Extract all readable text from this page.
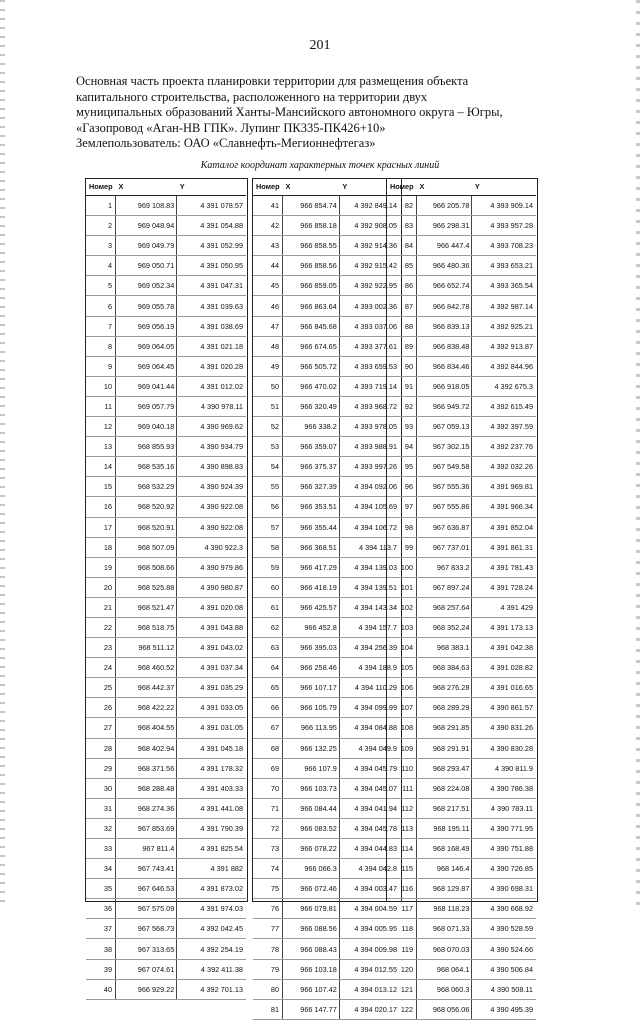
201
Основная часть проекта планировки территории для размещения объекта
капитального строительства, расположенного на территории двух
муниципальных образований Ханты-Мансийского автономного округа – Югры,
«Газопровод «Аган-НВ ГПК». Лупинг ПК335-ПК426+10»
Землепользователь: ОАО «Славнефть-Мегионнефтегаз»
Каталог координат характерных точек красных линий
Номер	X	Y
1	969 108.83	4 391 078.57
2	969 048.94	4 391 054.88
3	969 049.79	4 391 052.99
4	969 050.71	4 391 050.95
5	969 052.34	4 391 047.31
6	969 055.78	4 391 039.63
7	969 056.19	4 391 038.69
8	969 064.05	4 391 021.18
9	969 064.45	4 391 020.28
10	969 041.44	4 391 012.02
11	969 057.79	4 390 978.11
12	969 040.18	4 390 969.62
13	968 855.93	4 390 934.79
14	968 535.16	4 390 898.83
15	968 532.29	4 390 924.39
16	968 520.92	4 390 922.08
17	968 520.91	4 390 922.08
18	968 507.09	4 390 922.3
19	968 508.66	4 390 979.86
20	968 525.88	4 390 980.87
21	968 521.47	4 391 020.08
22	968 518.75	4 391 043.88
23	968 511.12	4 391 043.02
24	968 460.52	4 391 037.34
25	968 442.37	4 391 035.29
26	968 422.22	4 391 033.05
27	968 404.55	4 391 031.05
28	968 402.94	4 391 045.18
29	968 371.56	4 391 178.32
30	968 288.48	4 391 403.33
31	968 274.36	4 391 441.08
32	967 853.69	4 391 790.39
33	967 811.4	4 391 825.54
34	967 743.41	4 391 882
35	967 646.53	4 391 873.02
36	967 575.09	4 391 974.03
37	967 568.73	4 392 042.45
38	967 313.65	4 392 254.19
39	967 074.61	4 392 411.38
40	966 929.22	4 392 701.13
Номер	X	Y
41	966 854.74	4 392 849.14
42	966 858.18	4 392 908.05
43	966 858.55	4 392 914.36
44	966 858.56	4 392 915.42
45	966 859.05	4 392 922.95
46	966 863.64	4 393 002.36
47	966 845.68	4 393 037.06
48	966 674.65	4 393 377.61
49	966 505.72	4 393 659.53
50	966 470.02	4 393 719.14
51	966 320.49	4 393 968.72
52	966 338.2	4 393 978.05
53	966 359.07	4 393 988.91
54	966 375.37	4 393 997.26
55	966 327.39	4 394 092.06
56	966 353.51	4 394 105.69
57	966 355.44	4 394 106.72
58	966 368.51	4 394 113.7
59	966 417.29	4 394 139.03
60	966 418.19	4 394 139.51
61	966 425.57	4 394 143.34
62	966 452.8	4 394 157.7
63	966 395.03	4 394 256.39
64	966 258.46	4 394 188.9
65	966 107.17	4 394 110.29
66	966 105.79	4 394 099.99
67	966 113.95	4 394 084.88
68	966 132.25	4 394 049.9
69	966 107.9	4 394 045.79
70	966 103.73	4 394 045.07
71	966 084.44	4 394 041.94
72	966 083.52	4 394 045.78
73	966 078.22	4 394 044.83
74	966 066.3	4 394 042.8
75	966 072.46	4 394 003.47
76	966 079.81	4 394 004.59
77	966 088.56	4 394 005.95
78	966 088.43	4 394 009.98
79	966 103.18	4 394 012.55
80	966 107.42	4 394 013.12
81	966 147.77	4 394 020.17
Номер	X	Y
82	966 205.78	4 393 909.14
83	966 298.31	4 393 957.28
84	966 447.4	4 393 708.23
85	966 480.36	4 393 653.21
86	966 652.74	4 393 365.54
87	966 842.78	4 392 987.14
88	966 839.13	4 392 925.21
89	966 838.48	4 392 913.87
90	966 834.46	4 392 844.96
91	966 918.05	4 392 675.3
92	966 949.72	4 392 615.49
93	967 059.13	4 392 397.59
94	967 302.15	4 392 237.76
95	967 549.58	4 392 032.26
96	967 555.36	4 391 969.81
97	967 555.86	4 391 966.34
98	967 636.87	4 391 852.04
99	967 737.01	4 391 861.31
100	967 833.2	4 391 781.43
101	967 897.24	4 391 728.24
102	968 257.64	4 391 429
103	968 352.24	4 391 173.13
104	968 383.1	4 391 042.38
105	968 384.63	4 391 028.82
106	968 276.28	4 391 016.65
107	968 289.29	4 390 861.57
108	968 291.85	4 390 831.26
109	968 291.91	4 390 830.28
110	968 293.47	4 390 811.9
111	968 224.08	4 390 786.38
112	968 217.51	4 390 783.11
113	968 195.11	4 390 771.95
114	968 168.49	4 390 751.88
115	968 146.4	4 390 726.85
116	968 129.87	4 390 698.31
117	968 118.23	4 390 668.92
118	968 071.33	4 390 528.59
119	968 070.03	4 390 524.66
120	968 064.1	4 390 506.84
121	968 060.3	4 390 508.11
122	968 056.06	4 390 495.39
